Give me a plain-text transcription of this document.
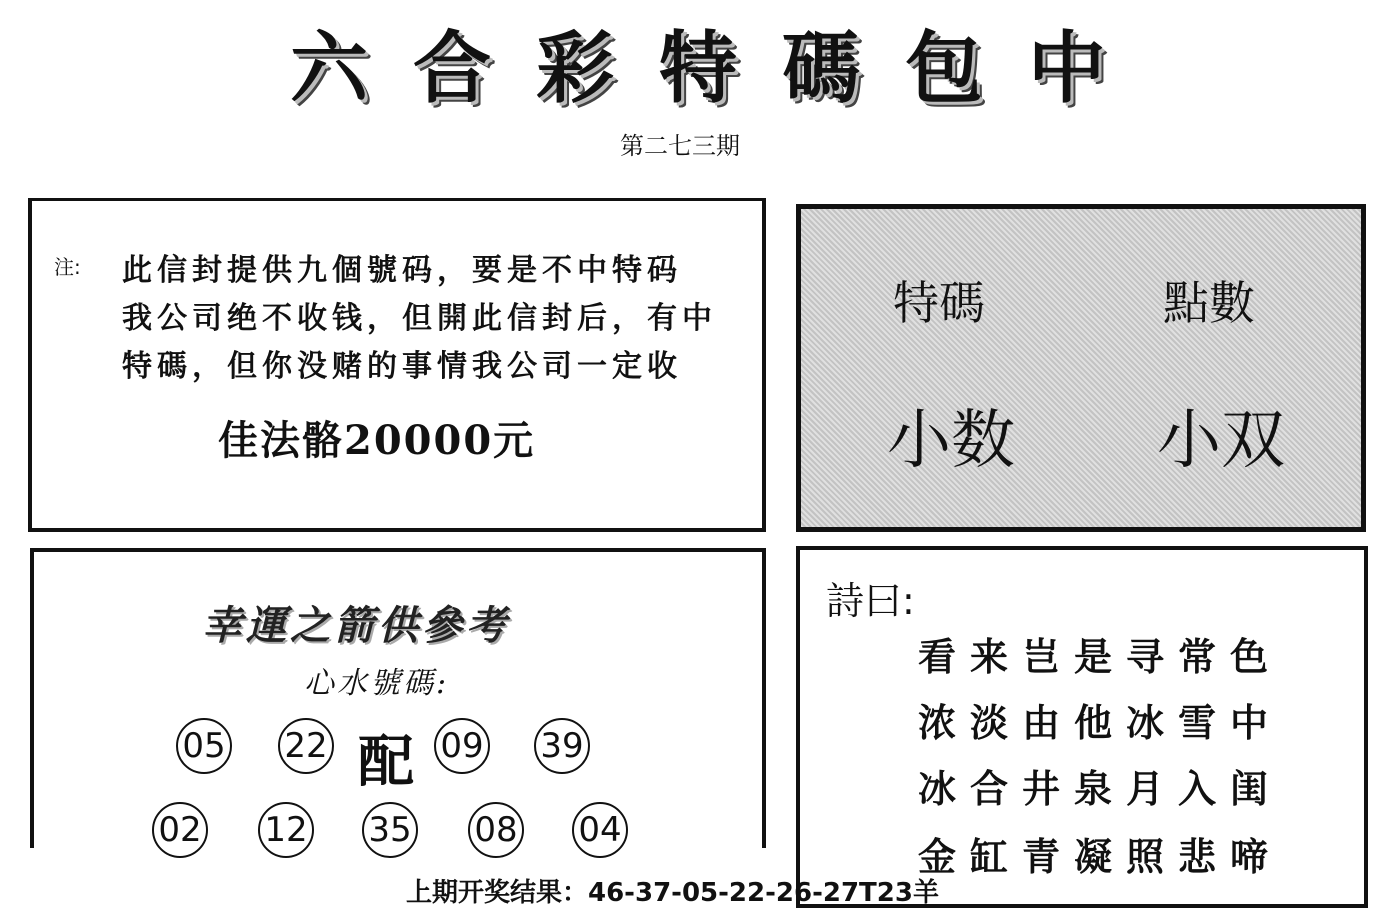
六 合 彩 特 碼 包 中
第二七三期
注: 此信封提供九個號码，要是不中特码
我公司绝不收钱，但開此信封后，有中
特碼，但你没赌的事情我公司一定收
佳法骼20000元
特碼	點數
小数 小双
幸運之箭供參考
心水號碼:
05 22 配 09 39
02 12 35 08 04
詩曰:
看来岂是寻常色
浓淡由他冰雪中
冰合井泉月入闺
金缸青凝照悲啼
上期开奖结果：46-37-05-22-26-27T23羊
